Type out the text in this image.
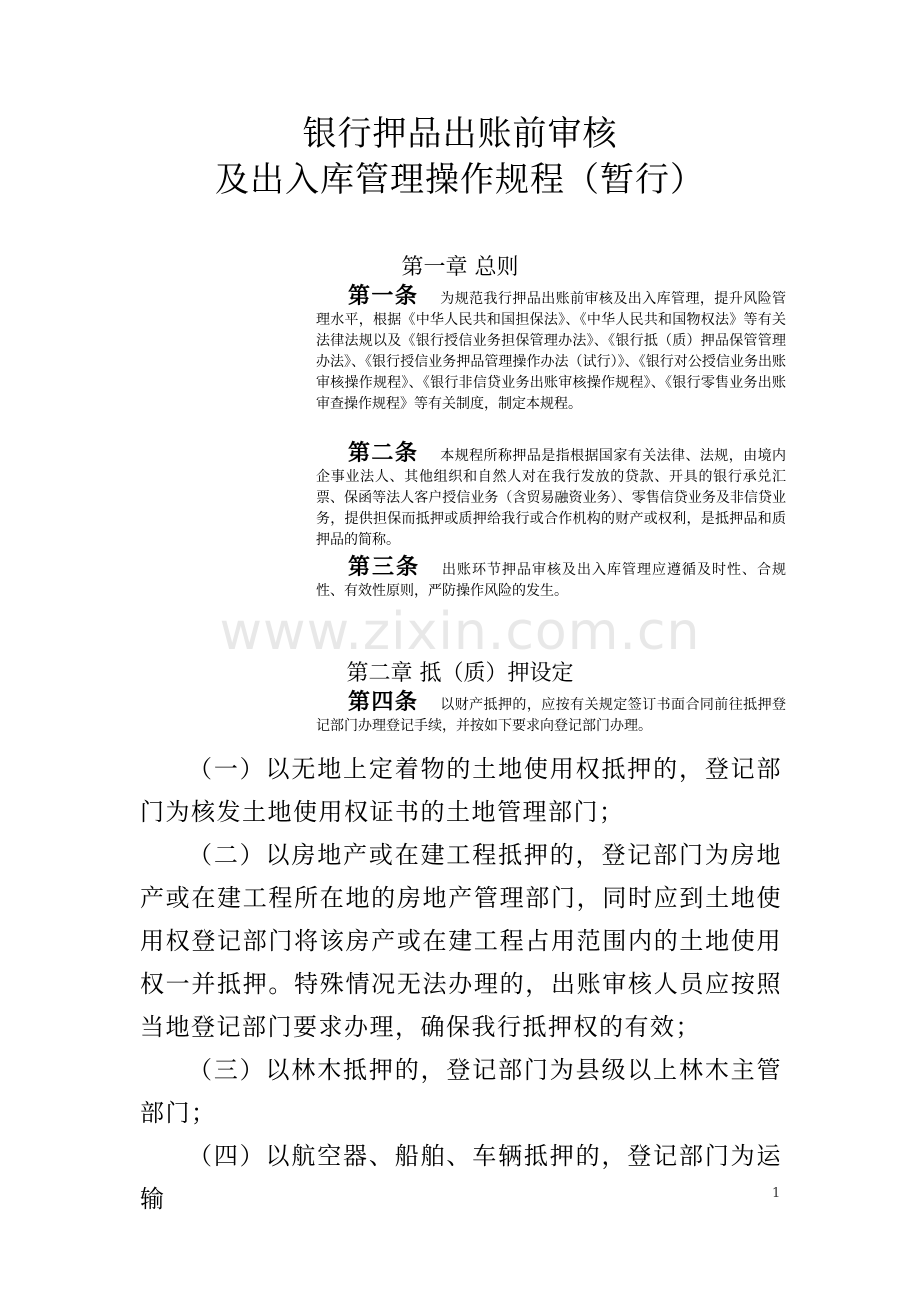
银行押品出账前审核
及出入库管理操作规程（暂行）
第一章 总则
第一条 为规范我行押品出账前审核及出入库管理，提升风险管理水平，根据《中华人民共和国担保法》、《中华人民共和国物权法》等有关法律法规以及《银行授信业务担保管理办法》、《银行抵（质）押品保管管理办法》、《银行授信业务押品管理操作办法（试行）》、《银行对公授信业务出账审核操作规程》、《银行非信贷业务出账审核操作规程》、《银行零售业务出账审查操作规程》等有关制度，制定本规程。
第二条 本规程所称押品是指根据国家有关法律、法规，由境内企事业法人、其他组织和自然人对在我行发放的贷款、开具的银行承兑汇票、保函等法人客户授信业务（含贸易融资业务）、零售信贷业务及非信贷业务，提供担保而抵押或质押给我行或合作机构的财产或权利，是抵押品和质押品的简称。
第三条 出账环节押品审核及出入库管理应遵循及时性、合规性、有效性原则，严防操作风险的发生。
www.zixin.com.cn
第二章 抵（质）押设定
第四条 以财产抵押的，应按有关规定签订书面合同前往抵押登记部门办理登记手续，并按如下要求向登记部门办理。

（一）以无地上定着物的土地使用权抵押的，登记部门为核发土地使用权证书的土地管理部门；

（二）以房地产或在建工程抵押的，登记部门为房地产或在建工程所在地的房地产管理部门，同时应到土地使用权登记部门将该房产或在建工程占用范围内的土地使用权一并抵押。特殊情况无法办理的，出账审核人员应按照当地登记部门要求办理，确保我行抵押权的有效；

（三）以林木抵押的，登记部门为县级以上林木主管部门；

（四）以航空器、船舶、车辆抵押的，登记部门为运输	1
